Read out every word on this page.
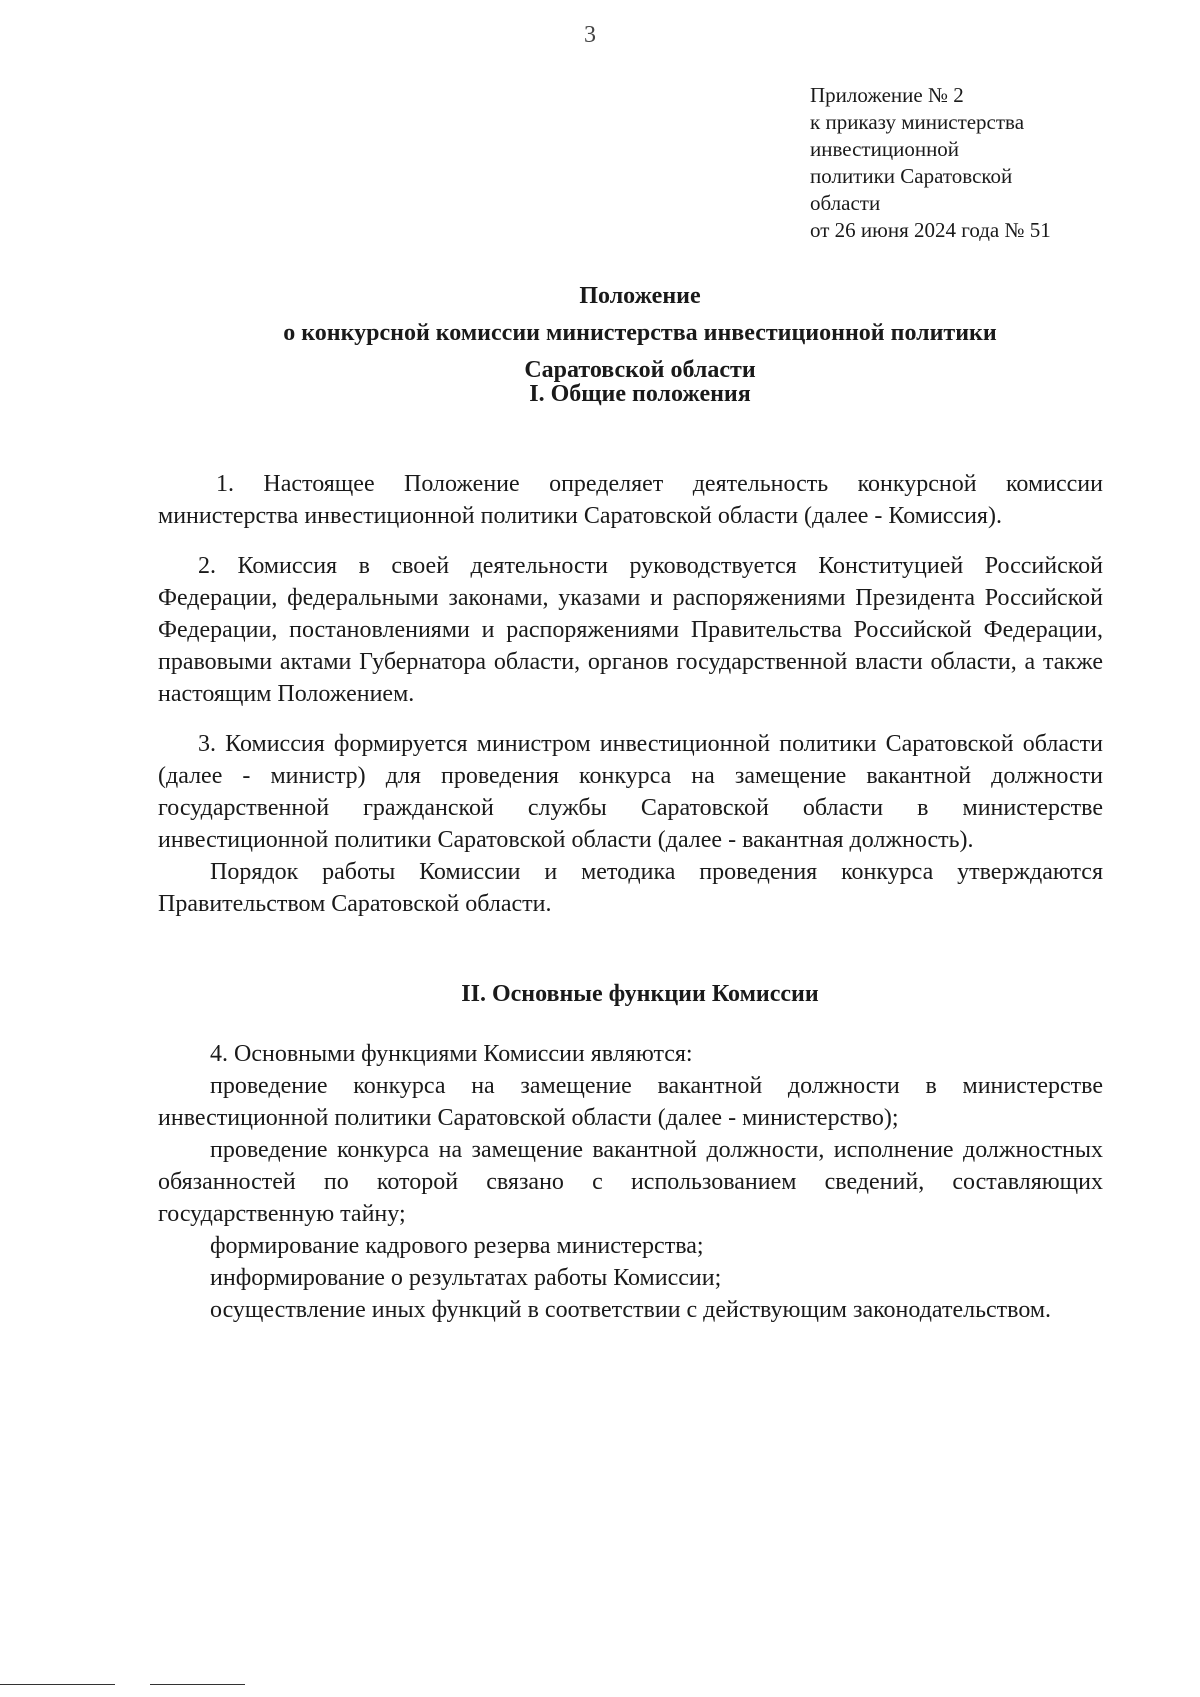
3
Приложение № 2
к приказу министерства
инвестиционной
политики Саратовской
области
от 26 июня 2024 года № 51
Положение
о конкурсной комиссии министерства инвестиционной политики
Саратовской области
I. Общие положения

1. Настоящее Положение определяет деятельность конкурсной комиссии министерства инвестиционной политики Саратовской области (далее - Комиссия).

2. Комиссия в своей деятельности руководствуется Конституцией Российской Федерации, федеральными законами, указами и распоряжениями Президента Российской Федерации, постановлениями и распоряжениями Правительства Российской Федерации, правовыми актами Губернатора области, органов государственной власти области, а также настоящим Положением.

3. Комиссия формируется министром инвестиционной политики Саратовской области (далее - министр) для проведения конкурса на замещение вакантной должности государственной гражданской службы Саратовской области в министерстве инвестиционной политики Саратовской области (далее - вакантная должность).

Порядок работы Комиссии и методика проведения конкурса утверждаются Правительством Саратовской области.

II. Основные функции Комиссии

4. Основными функциями Комиссии являются:

проведение конкурса на замещение вакантной должности в министерстве инвестиционной политики Саратовской области (далее - министерство);

проведение конкурса на замещение вакантной должности, исполнение должностных обязанностей по которой связано с использованием сведений, составляющих государственную тайну;

формирование кадрового резерва министерства;

информирование о результатах работы Комиссии;

осуществление иных функций в соответствии с действующим законодательством.
